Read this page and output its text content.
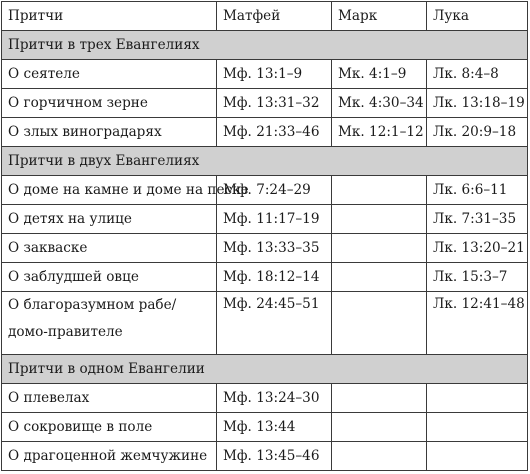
Притчи	Матфей	Марк	Лука
Притчи в трех Евангелиях			
О сеятеле	Мф. 13:1–9	Мк. 4:1–9	Лк. 8:4–8
О горчичном зерне	Мф. 13:31–32	Мк. 4:30–34	Лк. 13:18–19
О злых виноградарях	Мф. 21:33–46	Мк. 12:1–12	Лк. 20:9–18
Притчи в двух Евангелиях			
О доме на камне и доме на песке	Мф. 7:24–29		Лк. 6:6–11
О детях на улице	Мф. 11:17–19		Лк. 7:31–35
О закваске	Мф. 13:33–35		Лк. 13:20–21
О заблудшей овце	Мф. 18:12–14		Лк. 15:3–7
О благоразумном рабе/домо-правителе	Мф. 24:45–51		Лк. 12:41–48
Притчи в одном Евангелии			
О плевелах	Мф. 13:24–30		
О сокровище в поле	Мф. 13:44		
О драгоценной жемчужине	Мф. 13:45–46		
